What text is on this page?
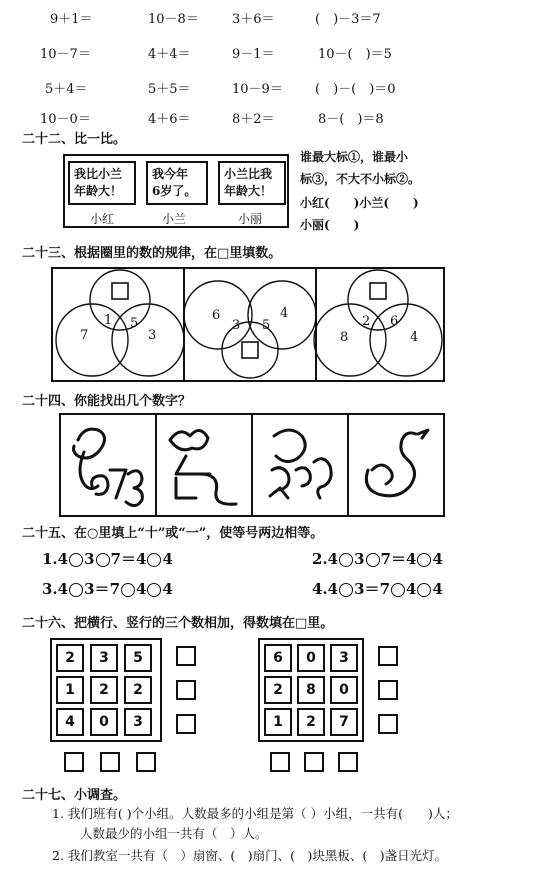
9＋1＝	10－8＝	3＋6＝	(　)－3＝7
10－7＝	4＋4＝	9－1＝	10－(　)＝5
5＋4＝	5＋5＝	10－9＝ (　)－(　)＝0
10－0＝	4＋6＝	8＋2＝	8－(　)＝8
二十二、比一比。
我比小兰
年龄大！
我今年
6岁了。
小兰比我
年龄大！
小红	小兰	小丽
谁最大标①，谁最小
标③，不大不小标②。
小红(　　)小兰(　　)
小丽(　　)
二十三、根据圈里的数的规律，在□里填数。
7
1 5
3
6
3 5
4
8
2 6
4
二十四、你能找出几个数字？
二十五、在○里填上“十”或“一”，使等号两边相等。
1.4 3 7＝4 4	2.4 3 7＝4 4
3.4 3＝7 4 4	4.4 3＝7 4 4
二十六、把横行、竖行的三个数相加，得数填在□里。
2	3	5
1	2	2
4	0	3
6	0	3
2	8	0
1	2	7
二十七、小调查。
1. 我们班有( )个小组。人数最多的小组是第（ ）小组，一共有(　　)人；
人数最少的小组一共有（　）人。
2. 我们教室一共有（　）扇窗、(　)扇门、(　)块黑板、(　)盏日光灯。
